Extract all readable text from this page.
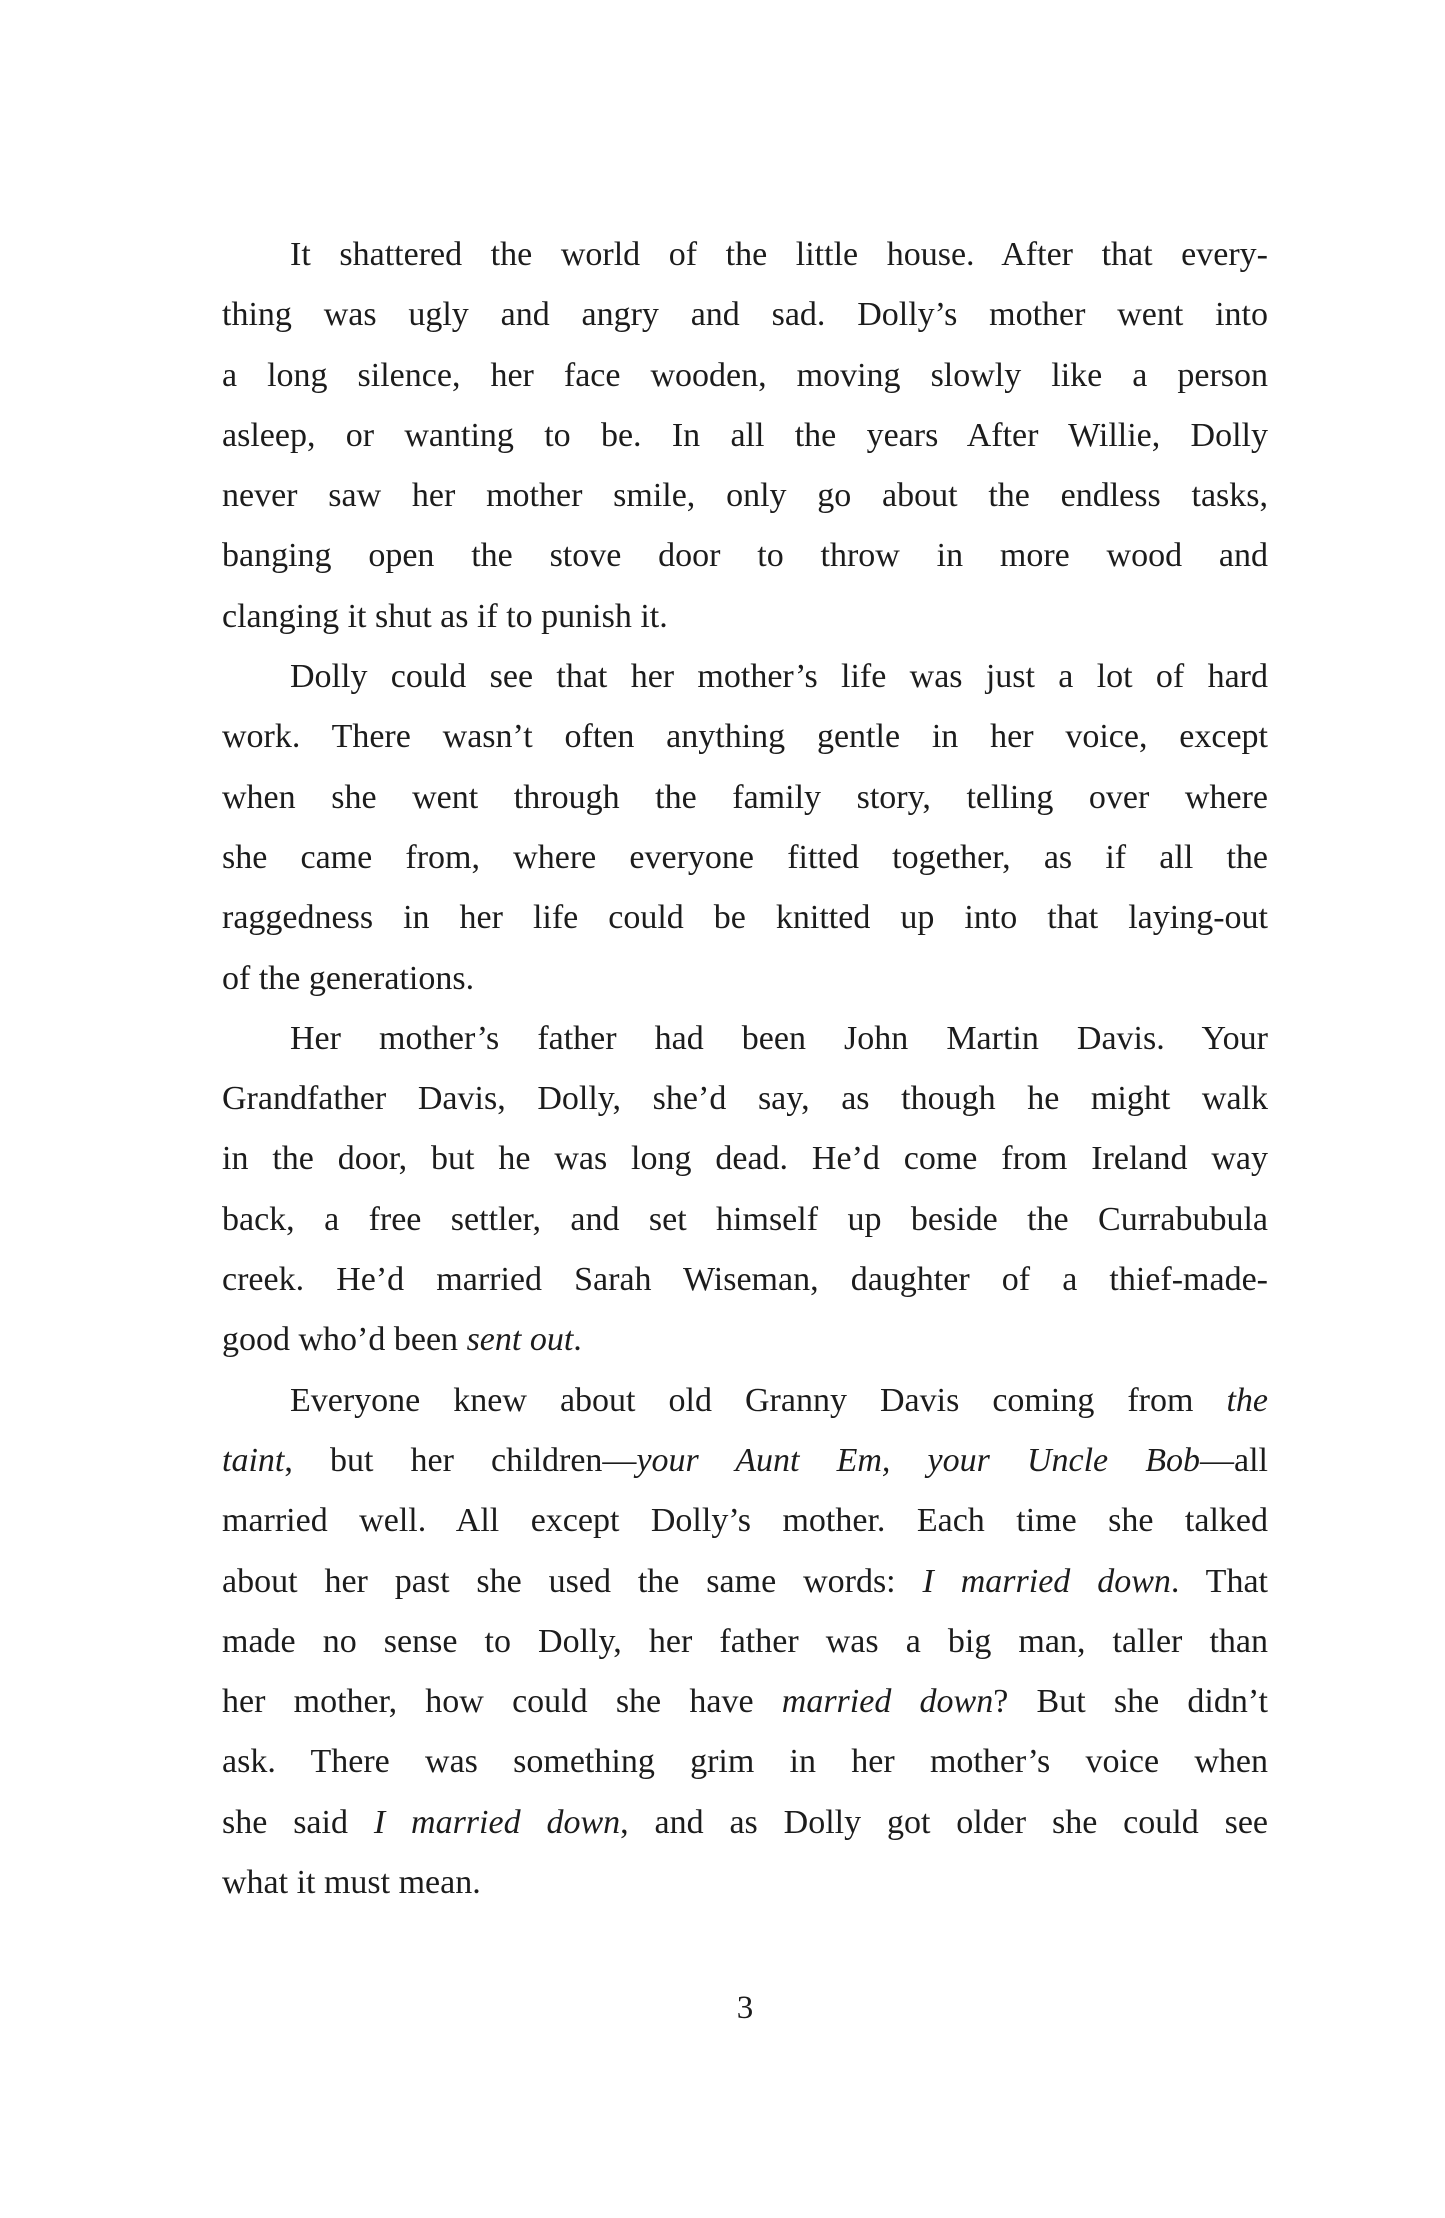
It shattered the world of the little house. After that every-
thing was ugly and angry and sad. Dolly’s mother went into
a long silence, her face wooden, moving slowly like a person
asleep, or wanting to be. In all the years After Willie, Dolly
never saw her mother smile, only go about the endless tasks,
banging open the stove door to throw in more wood and
clanging it shut as if to punish it.
Dolly could see that her mother’s life was just a lot of hard
work. There wasn’t often anything gentle in her voice, except
when she went through the family story, telling over where
she came from, where everyone fitted together, as if all the
raggedness in her life could be knitted up into that laying-out
of the generations.
Her mother’s father had been John Martin Davis. Your
Grandfather Davis, Dolly, she’d say, as though he might walk
in the door, but he was long dead. He’d come from Ireland way
back, a free settler, and set himself up beside the Currabubula
creek. He’d married Sarah Wiseman, daughter of a thief-made-
good who’d been sent out.
Everyone knew about old Granny Davis coming from the
taint, but her children—your Aunt Em, your Uncle Bob—all
married well. All except Dolly’s mother. Each time she talked
about her past she used the same words: I married down. That
made no sense to Dolly, her father was a big man, taller than
her mother, how could she have married down? But she didn’t
ask. There was something grim in her mother’s voice when
she said I married down, and as Dolly got older she could see
what it must mean.
3
